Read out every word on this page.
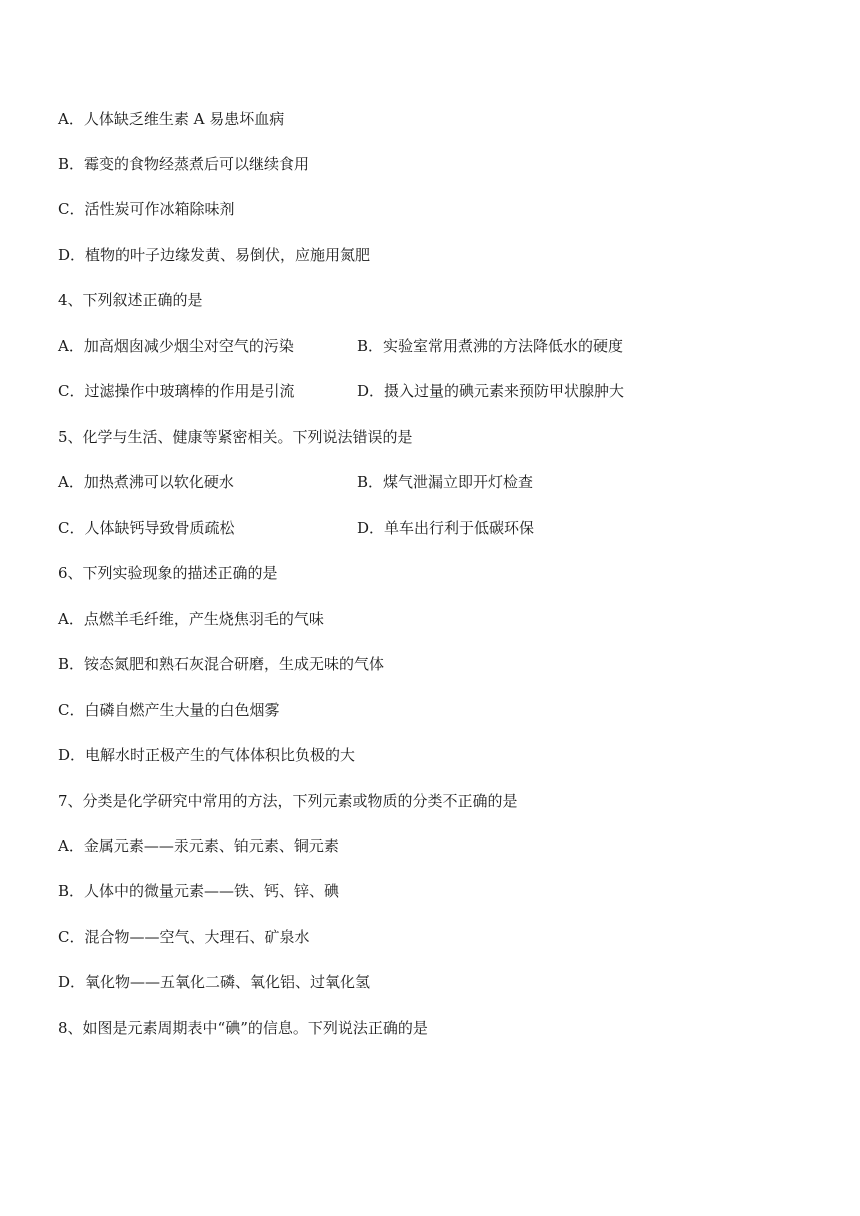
A．人体缺乏维生素 A 易患坏血病
B．霉变的食物经蒸煮后可以继续食用
C．活性炭可作冰箱除味剂
D．植物的叶子边缘发黄、易倒伏，应施用氮肥
4、下列叙述正确的是
A．加高烟囱减少烟尘对空气的污染	B．实验室常用煮沸的方法降低水的硬度
C．过滤操作中玻璃棒的作用是引流	D．摄入过量的碘元素来预防甲状腺肿大
5、化学与生活、健康等紧密相关。下列说法错误的是
A．加热煮沸可以软化硬水	B．煤气泄漏立即开灯检查
C．人体缺钙导致骨质疏松	D．单车出行利于低碳环保
6、下列实验现象的描述正确的是
A．点燃羊毛纤维，产生烧焦羽毛的气味
B．铵态氮肥和熟石灰混合研磨，生成无味的气体
C．白磷自燃产生大量的白色烟雾
D．电解水时正极产生的气体体积比负极的大
7、分类是化学研究中常用的方法，下列元素或物质的分类不正确的是
A．金属元素——汞元素、铂元素、铜元素
B．人体中的微量元素——铁、钙、锌、碘
C．混合物——空气、大理石、矿泉水
D．氧化物——五氧化二磷、氧化铝、过氧化氢
8、如图是元素周期表中“碘”的信息。下列说法正确的是
